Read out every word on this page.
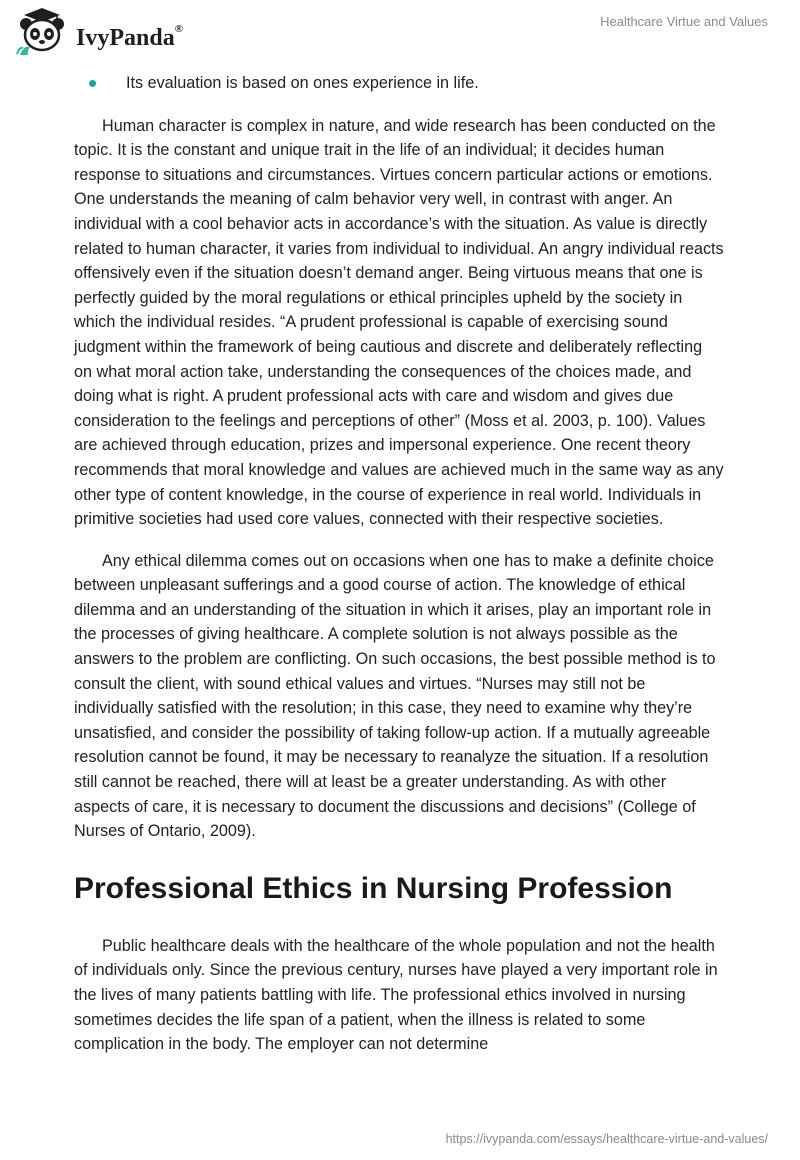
IvyPanda®	Healthcare Virtue and Values
Its evaluation is based on ones experience in life.

Human character is complex in nature, and wide research has been conducted on the topic. It is the constant and unique trait in the life of an individual; it decides human response to situations and circumstances. Virtues concern particular actions or emotions. One understands the meaning of calm behavior very well, in contrast with anger. An individual with a cool behavior acts in accordance’s with the situation. As value is directly related to human character, it varies from individual to individual. An angry individual reacts offensively even if the situation doesn’t demand anger. Being virtuous means that one is perfectly guided by the moral regulations or ethical principles upheld by the society in which the individual resides. “A prudent professional is capable of exercising sound judgment within the framework of being cautious and discrete and deliberately reflecting on what moral action take, understanding the consequences of the choices made, and doing what is right. A prudent professional acts with care and wisdom and gives due consideration to the feelings and perceptions of other” (Moss et al. 2003, p. 100). Values are achieved through education, prizes and impersonal experience. One recent theory recommends that moral knowledge and values are achieved much in the same way as any other type of content knowledge, in the course of experience in real world. Individuals in primitive societies had used core values, connected with their respective societies.

Any ethical dilemma comes out on occasions when one has to make a definite choice between unpleasant sufferings and a good course of action. The knowledge of ethical dilemma and an understanding of the situation in which it arises, play an important role in the processes of giving healthcare. A complete solution is not always possible as the answers to the problem are conflicting. On such occasions, the best possible method is to consult the client, with sound ethical values and virtues. “Nurses may still not be individually satisfied with the resolution; in this case, they need to examine why they’re unsatisfied, and consider the possibility of taking follow-up action. If a mutually agreeable resolution cannot be found, it may be necessary to reanalyze the situation. If a resolution still cannot be reached, there will at least be a greater understanding. As with other aspects of care, it is necessary to document the discussions and decisions” (College of Nurses of Ontario, 2009).

Professional Ethics in Nursing Profession

Public healthcare deals with the healthcare of the whole population and not the health of individuals only. Since the previous century, nurses have played a very important role in the lives of many patients battling with life. The professional ethics involved in nursing sometimes decides the life span of a patient, when the illness is related to some complication in the body. The employer can not determine

https://ivypanda.com/essays/healthcare-virtue-and-values/
